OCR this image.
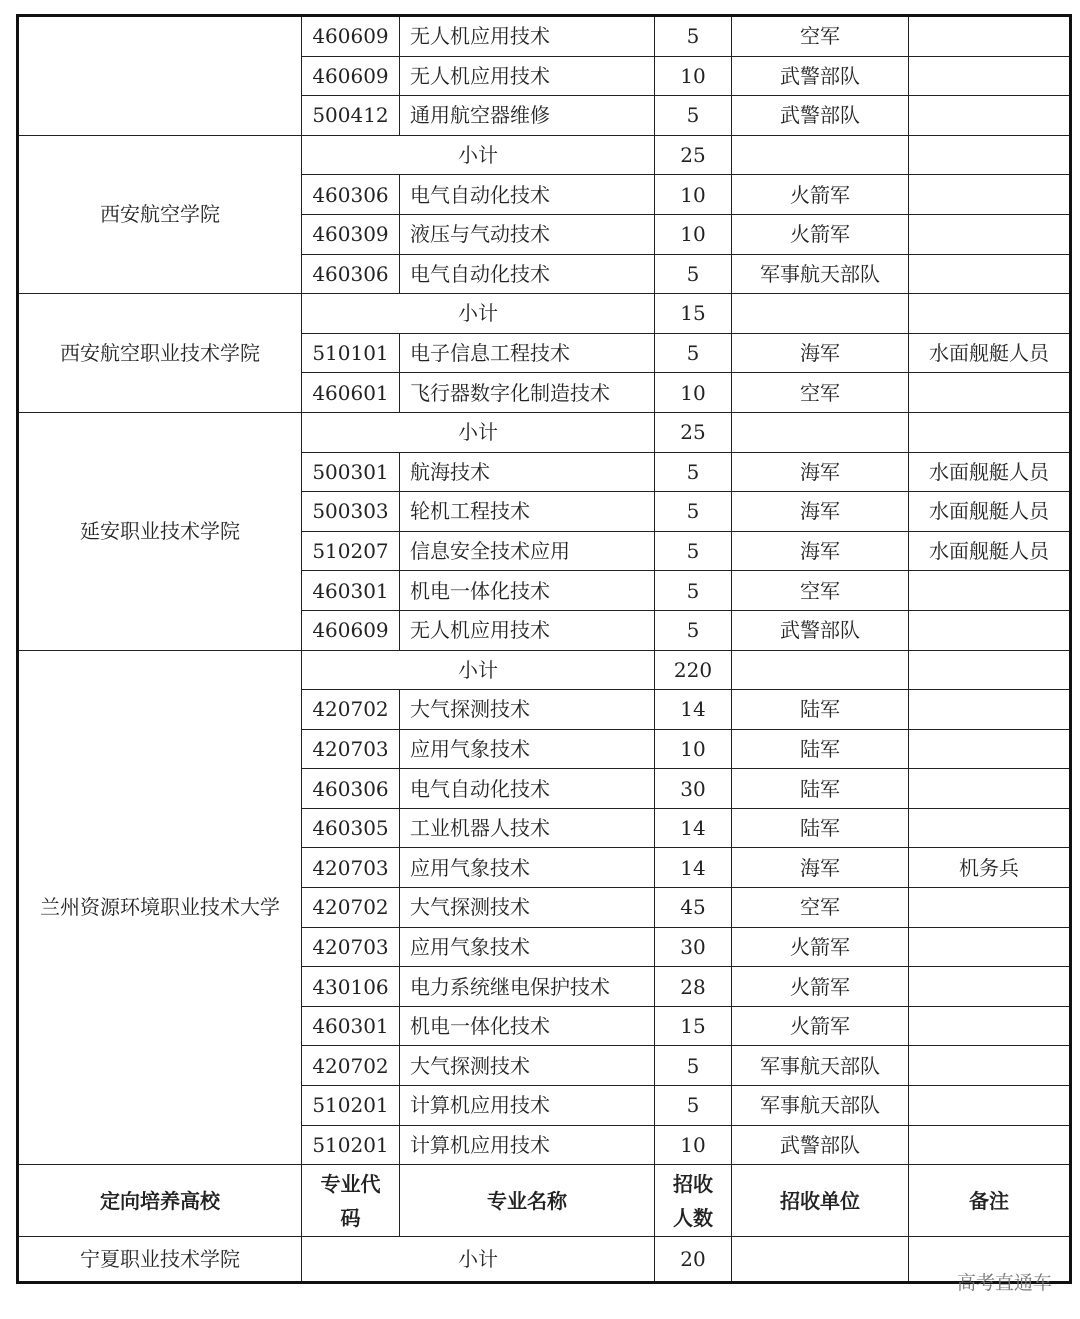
	460609	无人机应用技术	5	空军	
	460609	无人机应用技术	10	武警部队	
	500412	通用航空器维修	5	武警部队	
西安航空学院	小计		25		
	460306	电气自动化技术	10	火箭军	
	460309	液压与气动技术	10	火箭军	
	460306	电气自动化技术	5	军事航天部队	
西安航空职业技术学院	小计		15		
	510101	电子信息工程技术	5	海军	水面舰艇人员
	460601	飞行器数字化制造技术	10	空军	
延安职业技术学院	小计		25		
	500301	航海技术	5	海军	水面舰艇人员
	500303	轮机工程技术	5	海军	水面舰艇人员
	510207	信息安全技术应用	5	海军	水面舰艇人员
	460301	机电一体化技术	5	空军	
	460609	无人机应用技术	5	武警部队	
兰州资源环境职业技术大学	小计		220		
	420702	大气探测技术	14	陆军	
	420703	应用气象技术	10	陆军	
	460306	电气自动化技术	30	陆军	
	460305	工业机器人技术	14	陆军	
	420703	应用气象技术	14	海军	机务兵
	420702	大气探测技术	45	空军	
	420703	应用气象技术	30	火箭军	
	430106	电力系统继电保护技术	28	火箭军	
	460301	机电一体化技术	15	火箭军	
	420702	大气探测技术	5	军事航天部队	
	510201	计算机应用技术	5	军事航天部队	
	510201	计算机应用技术	10	武警部队	
定向培养高校	专业代码	专业名称	招收人数	招收单位	备注
宁夏职业技术学院	小计		20		
高考直通车
